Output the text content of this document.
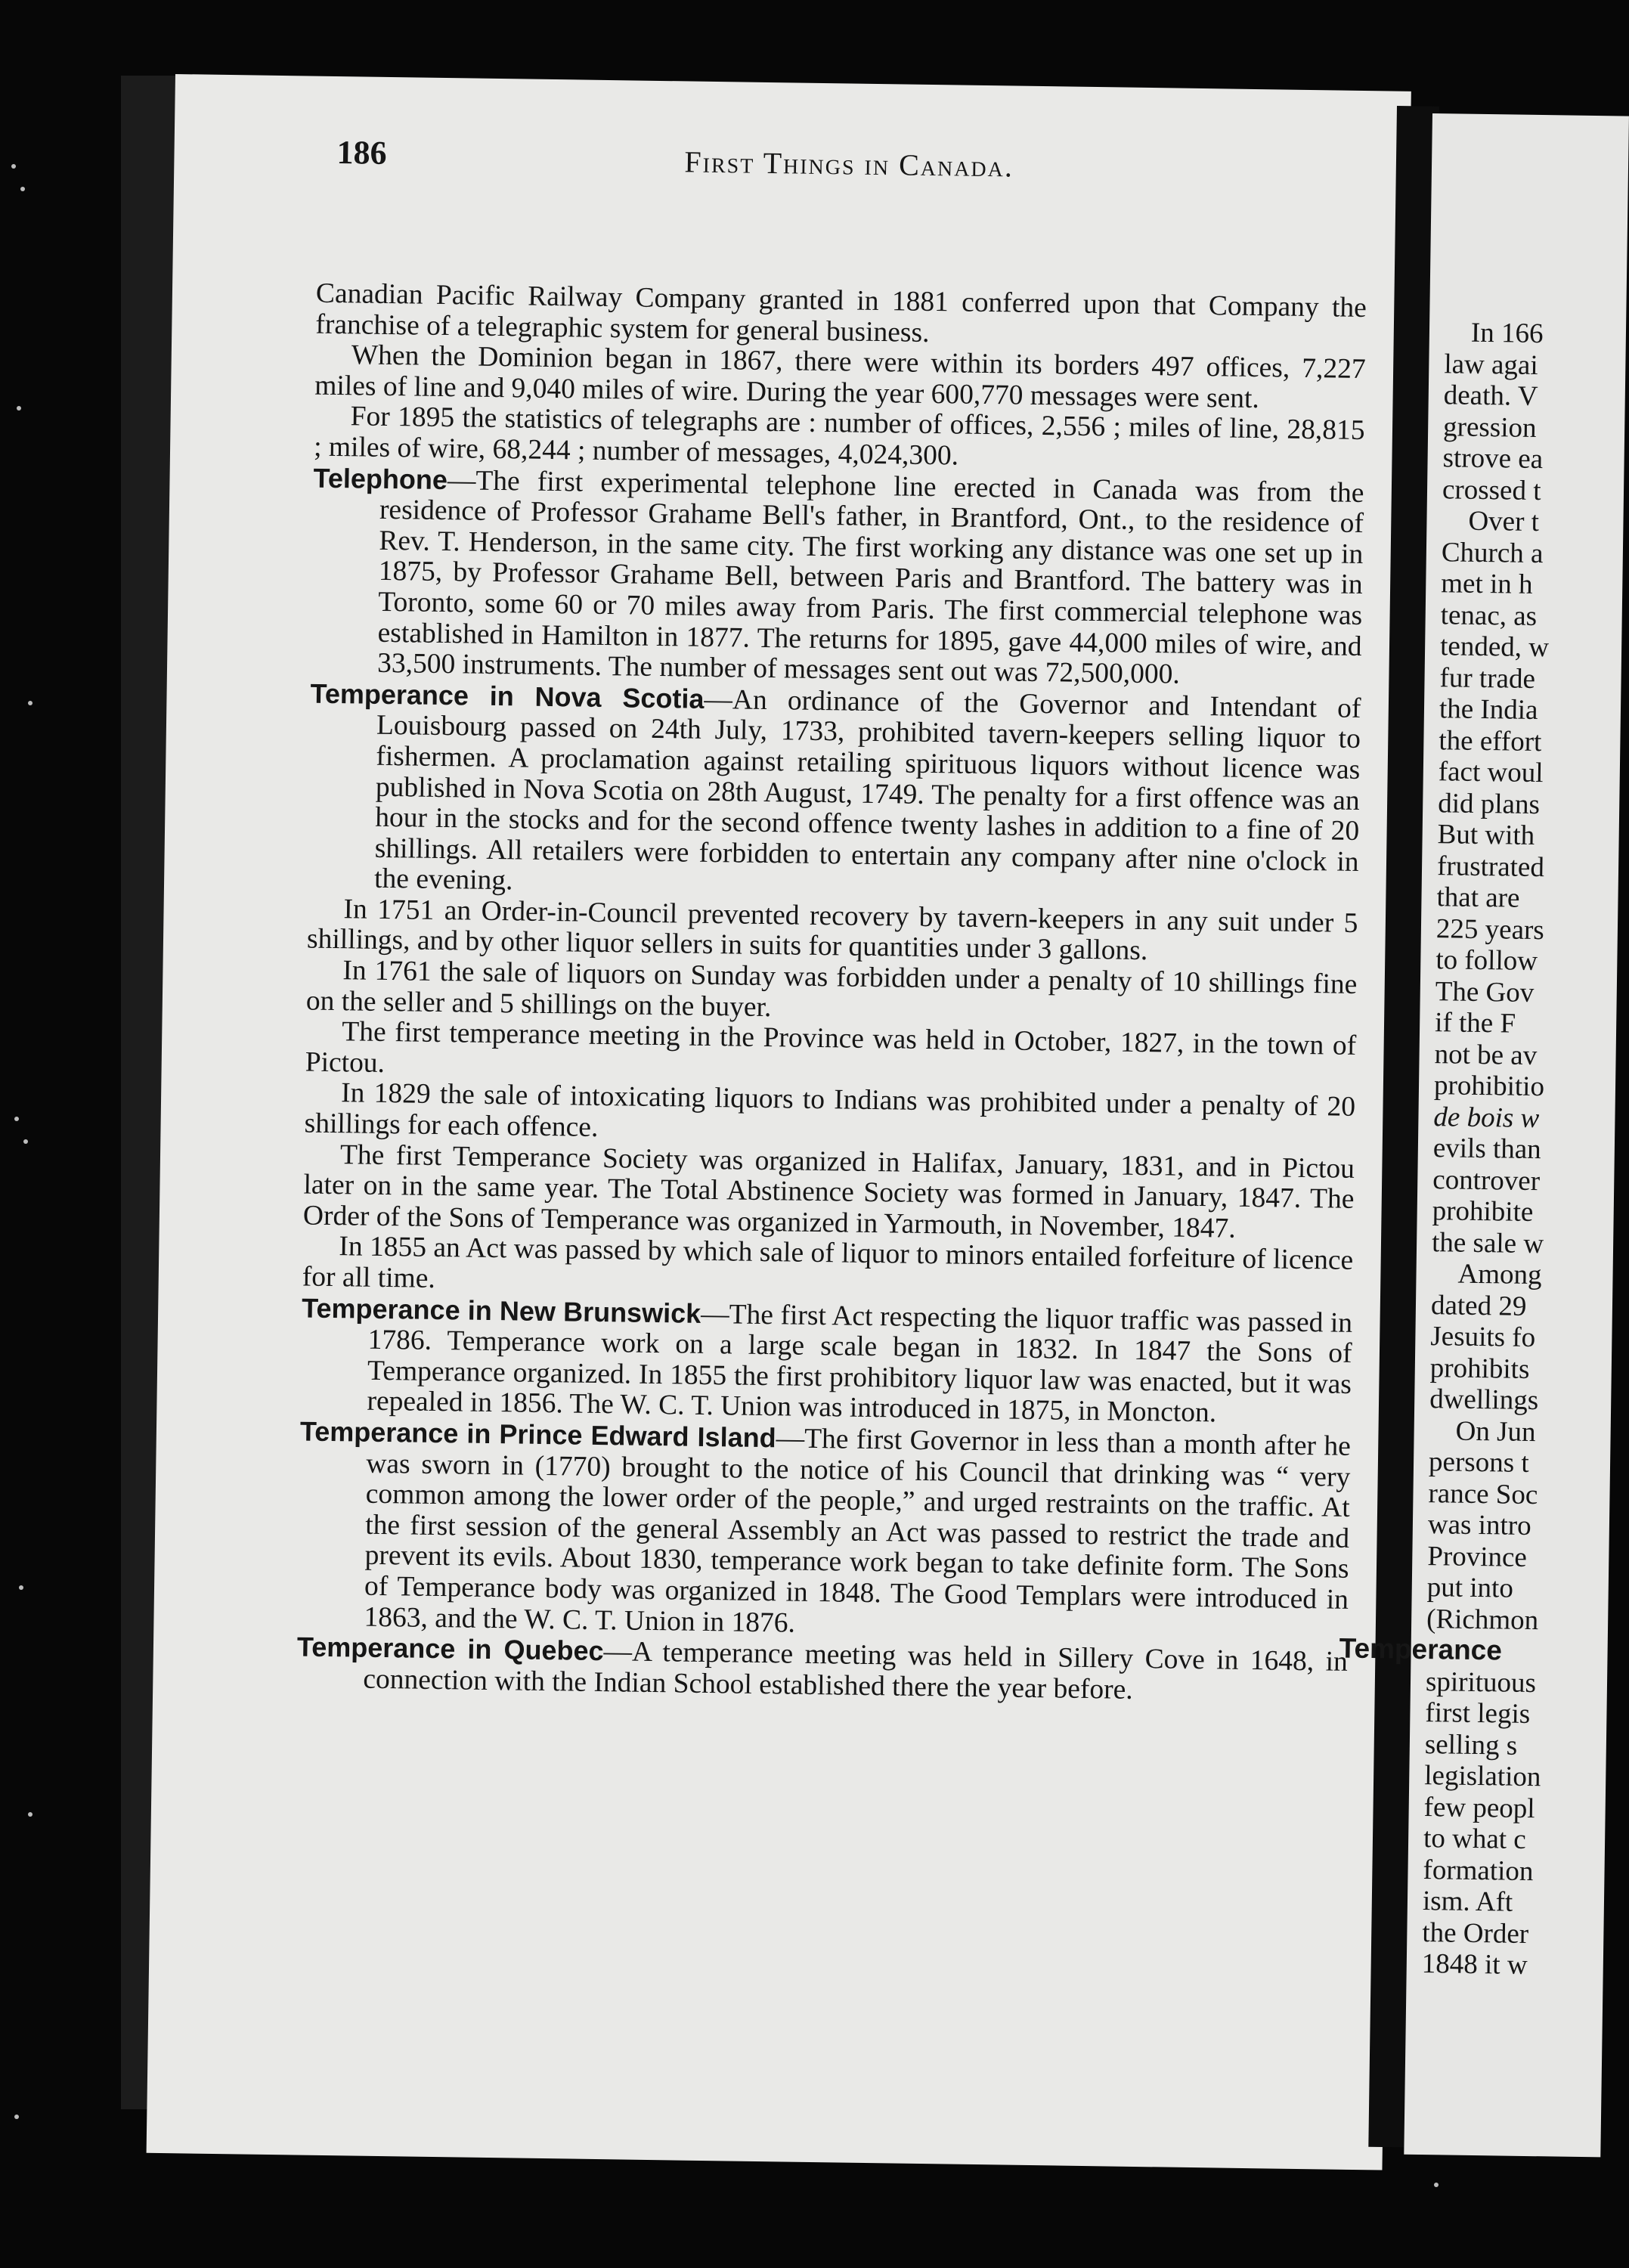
186	First Things in Canada.

Canadian Pacific Railway Company granted in 1881 conferred upon that Company the franchise of a telegraphic system for general business.

When the Dominion began in 1867, there were within its borders 497 offices, 7,227 miles of line and 9,040 miles of wire. During the year 600,770 messages were sent.

For 1895 the statistics of telegraphs are : number of offices, 2,556 ; miles of line, 28,815 ; miles of wire, 68,244 ; number of messages, 4,024,300.

Telephone—The first experimental telephone line erected in Canada was from the residence of Professor Grahame Bell's father, in Brantford, Ont., to the residence of Rev. T. Henderson, in the same city. The first working any distance was one set up in 1875, by Professor Grahame Bell, between Paris and Brantford. The battery was in Toronto, some 60 or 70 miles away from Paris. The first commercial telephone was established in Hamilton in 1877. The returns for 1895, gave 44,000 miles of wire, and 33,500 instruments. The number of messages sent out was 72,500,000.

Temperance in Nova Scotia—An ordinance of the Governor and Intendant of Louisbourg passed on 24th July, 1733, prohibited tavern-keepers selling liquor to fishermen. A proclamation against retailing spirituous liquors without licence was published in Nova Scotia on 28th August, 1749. The penalty for a first offence was an hour in the stocks and for the second offence twenty lashes in addition to a fine of 20 shillings. All retailers were forbidden to entertain any company after nine o'clock in the evening.

In 1751 an Order-in-Council prevented recovery by tavern-keepers in any suit under 5 shillings, and by other liquor sellers in suits for quantities under 3 gallons.

In 1761 the sale of liquors on Sunday was forbidden under a penalty of 10 shillings fine on the seller and 5 shillings on the buyer.

The first temperance meeting in the Province was held in October, 1827, in the town of Pictou.

In 1829 the sale of intoxicating liquors to Indians was prohibited under a penalty of 20 shillings for each offence.

The first Temperance Society was organized in Halifax, January, 1831, and in Pictou later on in the same year. The Total Abstinence Society was formed in January, 1847. The Order of the Sons of Temperance was organized in Yarmouth, in November, 1847.

In 1855 an Act was passed by which sale of liquor to minors entailed forfeiture of licence for all time.

Temperance in New Brunswick—The first Act respecting the liquor traffic was passed in 1786. Temperance work on a large scale began in 1832. In 1847 the Sons of Temperance organized. In 1855 the first prohibitory liquor law was enacted, but it was repealed in 1856. The W. C. T. Union was introduced in 1875, in Moncton.

Temperance in Prince Edward Island—The first Governor in less than a month after he was sworn in (1770) brought to the notice of his Council that drinking was “ very common among the lower order of the people,” and urged restraints on the traffic. At the first session of the general Assembly an Act was passed to restrict the trade and prevent its evils. About 1830, temperance work began to take definite form. The Sons of Temperance body was organized in 1848. The Good Templars were introduced in 1863, and the W. C. T. Union in 1876.

Temperance in Quebec—A temperance meeting was held in Sillery Cove in 1648, in connection with the Indian School established there the year before.

In 166
law agai
death. V
gression
strove ea
crossed t
Over t
Church a
met in h
tenac, as
tended, w
fur trade
the India
the effort
fact woul
did plans
But with
frustrated
that are
225 years
to follow
The Gov
if the F
not be av
prohibitio
de bois w
evils than
controver
prohibite
the sale w
Among
dated 29
Jesuits fo
prohibits
dwellings
On Jun
persons t
rance Soc
was intro
Province
put into
(Richmon
Temperance
spirituous
first legis
selling s
legislation
few peopl
to what c
formation
ism. Aft
the Order
1848 it w
